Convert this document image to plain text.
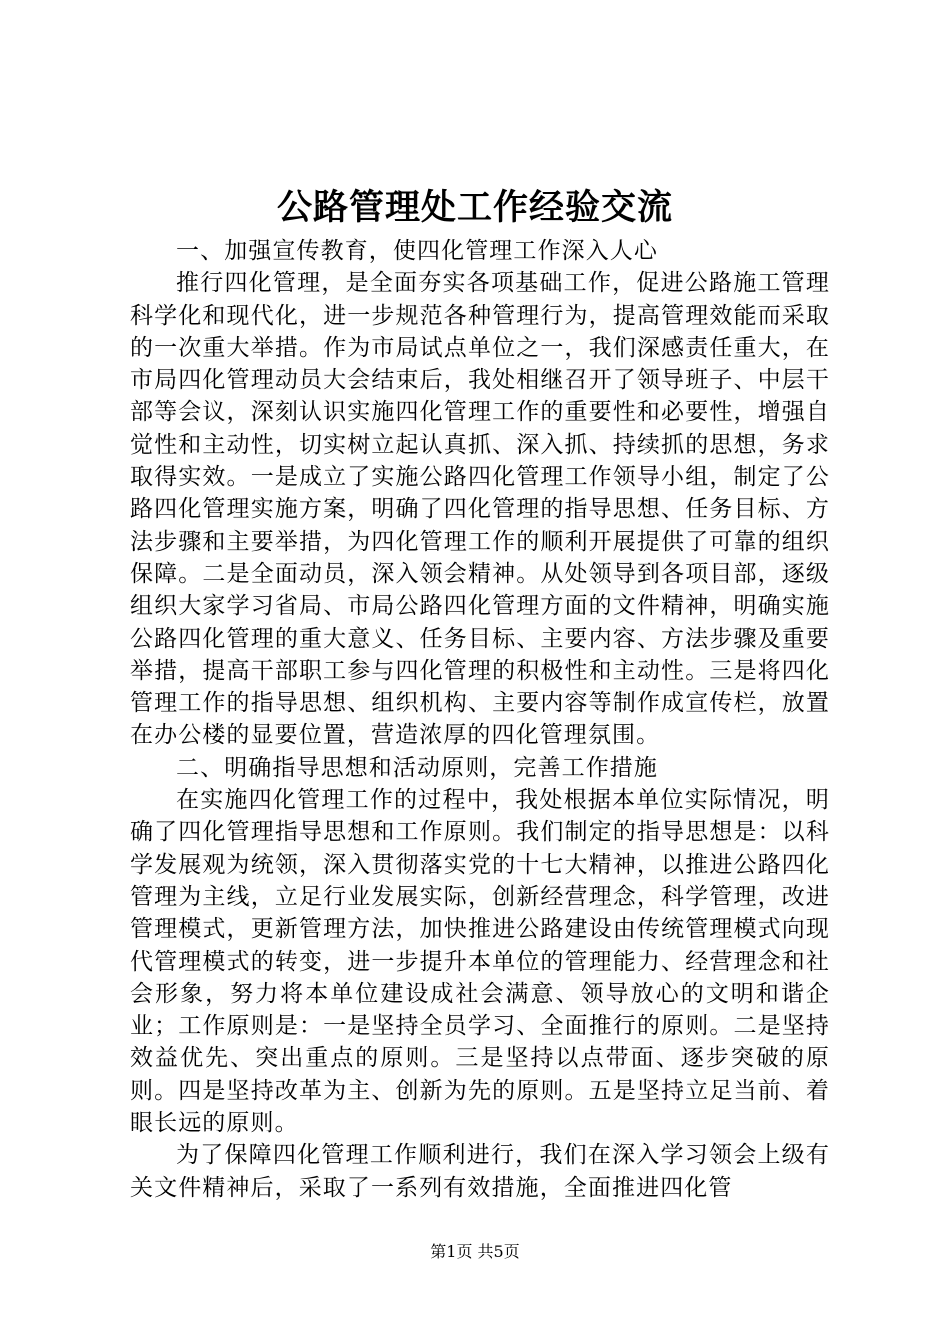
公路管理处工作经验交流

一、加强宣传教育，使四化管理工作深入人心

推行四化管理，是全面夯实各项基础工作，促进公路施工管理科学化和现代化，进一步规范各种管理行为，提高管理效能而采取的一次重大举措。作为市局试点单位之一，我们深感责任重大，在市局四化管理动员大会结束后，我处相继召开了领导班子、中层干部等会议，深刻认识实施四化管理工作的重要性和必要性，增强自觉性和主动性，切实树立起认真抓、深入抓、持续抓的思想，务求取得实效。一是成立了实施公路四化管理工作领导小组，制定了公路四化管理实施方案，明确了四化管理的指导思想、任务目标、方法步骤和主要举措，为四化管理工作的顺利开展提供了可靠的组织保障。二是全面动员，深入领会精神。从处领导到各项目部，逐级组织大家学习省局、市局公路四化管理方面的文件精神，明确实施公路四化管理的重大意义、任务目标、主要内容、方法步骤及重要举措，提高干部职工参与四化管理的积极性和主动性。三是将四化管理工作的指导思想、组织机构、主要内容等制作成宣传栏，放置在办公楼的显要位置，营造浓厚的四化管理氛围。

二、明确指导思想和活动原则，完善工作措施

在实施四化管理工作的过程中，我处根据本单位实际情况，明确了四化管理指导思想和工作原则。我们制定的指导思想是：以科学发展观为统领，深入贯彻落实党的十七大精神，以推进公路四化管理为主线，立足行业发展实际，创新经营理念，科学管理，改进管理模式，更新管理方法，加快推进公路建设由传统管理模式向现代管理模式的转变，进一步提升本单位的管理能力、经营理念和社会形象，努力将本单位建设成社会满意、领导放心的文明和谐企业；工作原则是：一是坚持全员学习、全面推行的原则。二是坚持效益优先、突出重点的原则。三是坚持以点带面、逐步突破的原则。四是坚持改革为主、创新为先的原则。五是坚持立足当前、着眼长远的原则。

为了保障四化管理工作顺利进行，我们在深入学习领会上级有关文件精神后，采取了一系列有效措施，全面推进四化管

第1页 共5页
